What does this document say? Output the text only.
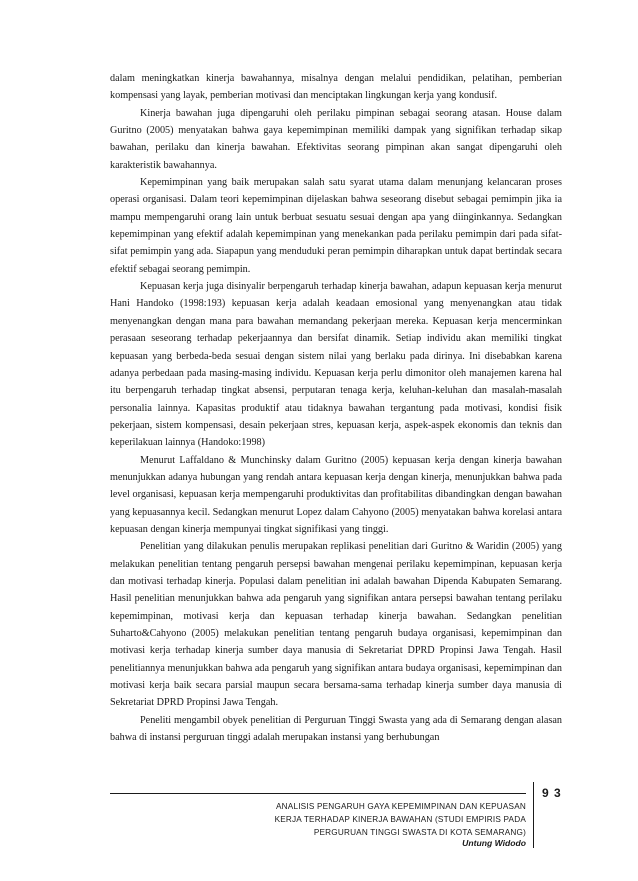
dalam meningkatkan kinerja bawahannya, misalnya dengan melalui pendidikan, pelatihan, pemberian kompensasi yang layak, pemberian motivasi dan menciptakan lingkungan kerja yang kondusif.

Kinerja bawahan juga dipengaruhi oleh perilaku pimpinan sebagai seorang atasan. House dalam Guritno (2005) menyatakan bahwa gaya kepemimpinan memiliki dampak yang signifikan terhadap sikap bawahan, perilaku dan kinerja bawahan. Efektivitas seorang pimpinan akan sangat dipengaruhi oleh karakteristik bawahannya.

Kepemimpinan yang baik merupakan salah satu syarat utama dalam menunjang kelancaran proses operasi organisasi. Dalam teori kepemimpinan dijelaskan bahwa seseorang disebut sebagai pemimpin jika ia mampu mempengaruhi orang lain untuk berbuat sesuatu sesuai dengan apa yang diinginkannya. Sedangkan kepemimpinan yang efektif adalah kepemimpinan yang menekankan pada perilaku pemimpin dari pada sifat-sifat pemimpin yang ada. Siapapun yang menduduki peran pemimpin diharapkan untuk dapat bertindak secara efektif sebagai seorang pemimpin.

Kepuasan kerja juga disinyalir berpengaruh terhadap kinerja bawahan, adapun kepuasan kerja menurut Hani Handoko (1998:193) kepuasan kerja adalah keadaan emosional yang menyenangkan atau tidak menyenangkan dengan mana para bawahan memandang pekerjaan mereka. Kepuasan kerja mencerminkan perasaan seseorang terhadap pekerjaannya dan bersifat dinamik. Setiap individu akan memiliki tingkat kepuasan yang berbeda-beda sesuai dengan sistem nilai yang berlaku pada dirinya. Ini disebabkan karena adanya perbedaan pada masing-masing individu. Kepuasan kerja perlu dimonitor oleh manajemen karena hal itu berpengaruh terhadap tingkat absensi, perputaran tenaga kerja, keluhan-keluhan dan masalah-masalah personalia lainnya. Kapasitas produktif atau tidaknya bawahan tergantung pada motivasi, kondisi fisik pekerjaan, sistem kompensasi, desain pekerjaan stres, kepuasan kerja, aspek-aspek ekonomis dan teknis dan keperilakuan lainnya (Handoko:1998)

Menurut Laffaldano & Munchinsky dalam Guritno (2005) kepuasan kerja dengan kinerja bawahan menunjukkan adanya hubungan yang rendah antara kepuasan kerja dengan kinerja, menunjukkan bahwa pada level organisasi, kepuasan kerja mempengaruhi produktivitas dan profitabilitas dibandingkan dengan bawahan yang kepuasannya kecil. Sedangkan menurut Lopez dalam Cahyono (2005) menyatakan bahwa korelasi antara kepuasan dengan kinerja mempunyai tingkat signifikasi yang tinggi.

Penelitian yang dilakukan penulis merupakan replikasi penelitian dari Guritno & Waridin (2005) yang melakukan penelitian tentang pengaruh persepsi bawahan mengenai perilaku kepemimpinan, kepuasan kerja dan motivasi terhadap kinerja. Populasi dalam penelitian ini adalah bawahan Dipenda Kabupaten Semarang. Hasil penelitian menunjukkan bahwa ada pengaruh yang signifikan antara persepsi bawahan tentang perilaku kepemimpinan, motivasi kerja dan kepuasan terhadap kinerja bawahan. Sedangkan penelitian Suharto&Cahyono (2005) melakukan penelitian tentang pengaruh budaya organisasi, kepemimpinan dan motivasi kerja terhadap kinerja sumber daya manusia di Sekretariat DPRD Propinsi Jawa Tengah. Hasil penelitiannya menunjukkan bahwa ada pengaruh yang signifikan antara budaya organisasi, kepemimpinan dan motivasi kerja baik secara parsial maupun secara bersama-sama terhadap kinerja sumber daya manusia di Sekretariat DPRD Propinsi Jawa Tengah.

Peneliti mengambil obyek penelitian di Perguruan Tinggi Swasta yang ada di Semarang dengan alasan bahwa di instansi perguruan tinggi adalah merupakan instansi yang berhubungan

9 3
ANALISIS PENGARUH GAYA KEPEMIMPINAN DAN KEPUASAN
KERJA TERHADAP KINERJA BAWAHAN (STUDI EMPIRIS PADA
PERGURUAN TINGGI SWASTA DI KOTA SEMARANG)
Untung Widodo
